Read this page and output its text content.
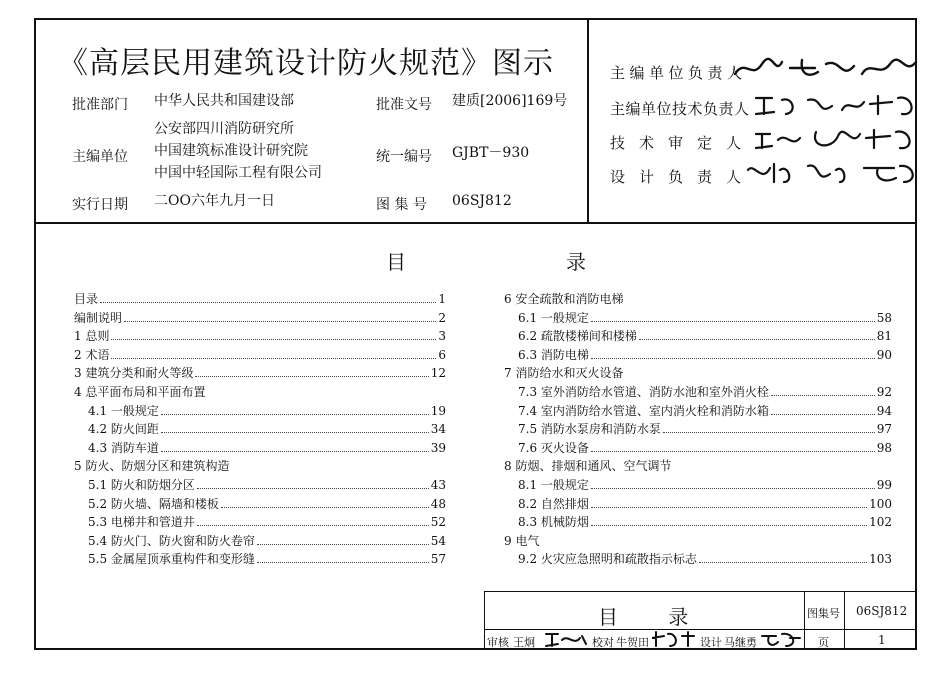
《高层民用建筑设计防火规范》图示
批准部门 中华人民共和国建设部	批准文号 建质[2006]169号
主编单位
公安部四川消防研究所
中国建筑标准设计研究院
中国中轻国际工程有限公司
统一编号 GJBT－930
实行日期 二OO六年九月一日	图 集 号 06SJ812
主编单位负责人
主编单位技术负责人
技术审定人
设计负责人
目	录
目录	1
编制说明	2
1 总则	3
2 术语	6
3 建筑分类和耐火等级	12
4 总平面布局和平面布置
4.1 一般规定	19
4.2 防火间距	34
4.3 消防车道	39
5 防火、防烟分区和建筑构造
5.1 防火和防烟分区	43
5.2 防火墙、隔墙和楼板	48
5.3 电梯井和管道井	52
5.4 防火门、防火窗和防火卷帘	54
5.5 金属屋顶承重构件和变形缝	57
6 安全疏散和消防电梯
6.1 一般规定	58
6.2 疏散楼梯间和楼梯	81
6.3 消防电梯	90
7 消防给水和灭火设备
7.3 室外消防给水管道、消防水池和室外消火栓	92
7.4 室内消防给水管道、室内消火栓和消防水箱	94
7.5 消防水泵房和消防水泵	97
7.6 灭火设备	98
8 防烟、排烟和通风、空气调节
8.1 一般规定	99
8.2 自然排烟	100
8.3 机械防烟	102
9 电气
9.2 火灾应急照明和疏散指示标志	103
目 录	图集号 06SJ812
审核 王炯	校对 牛贺田	设计 马继勇	页	1
